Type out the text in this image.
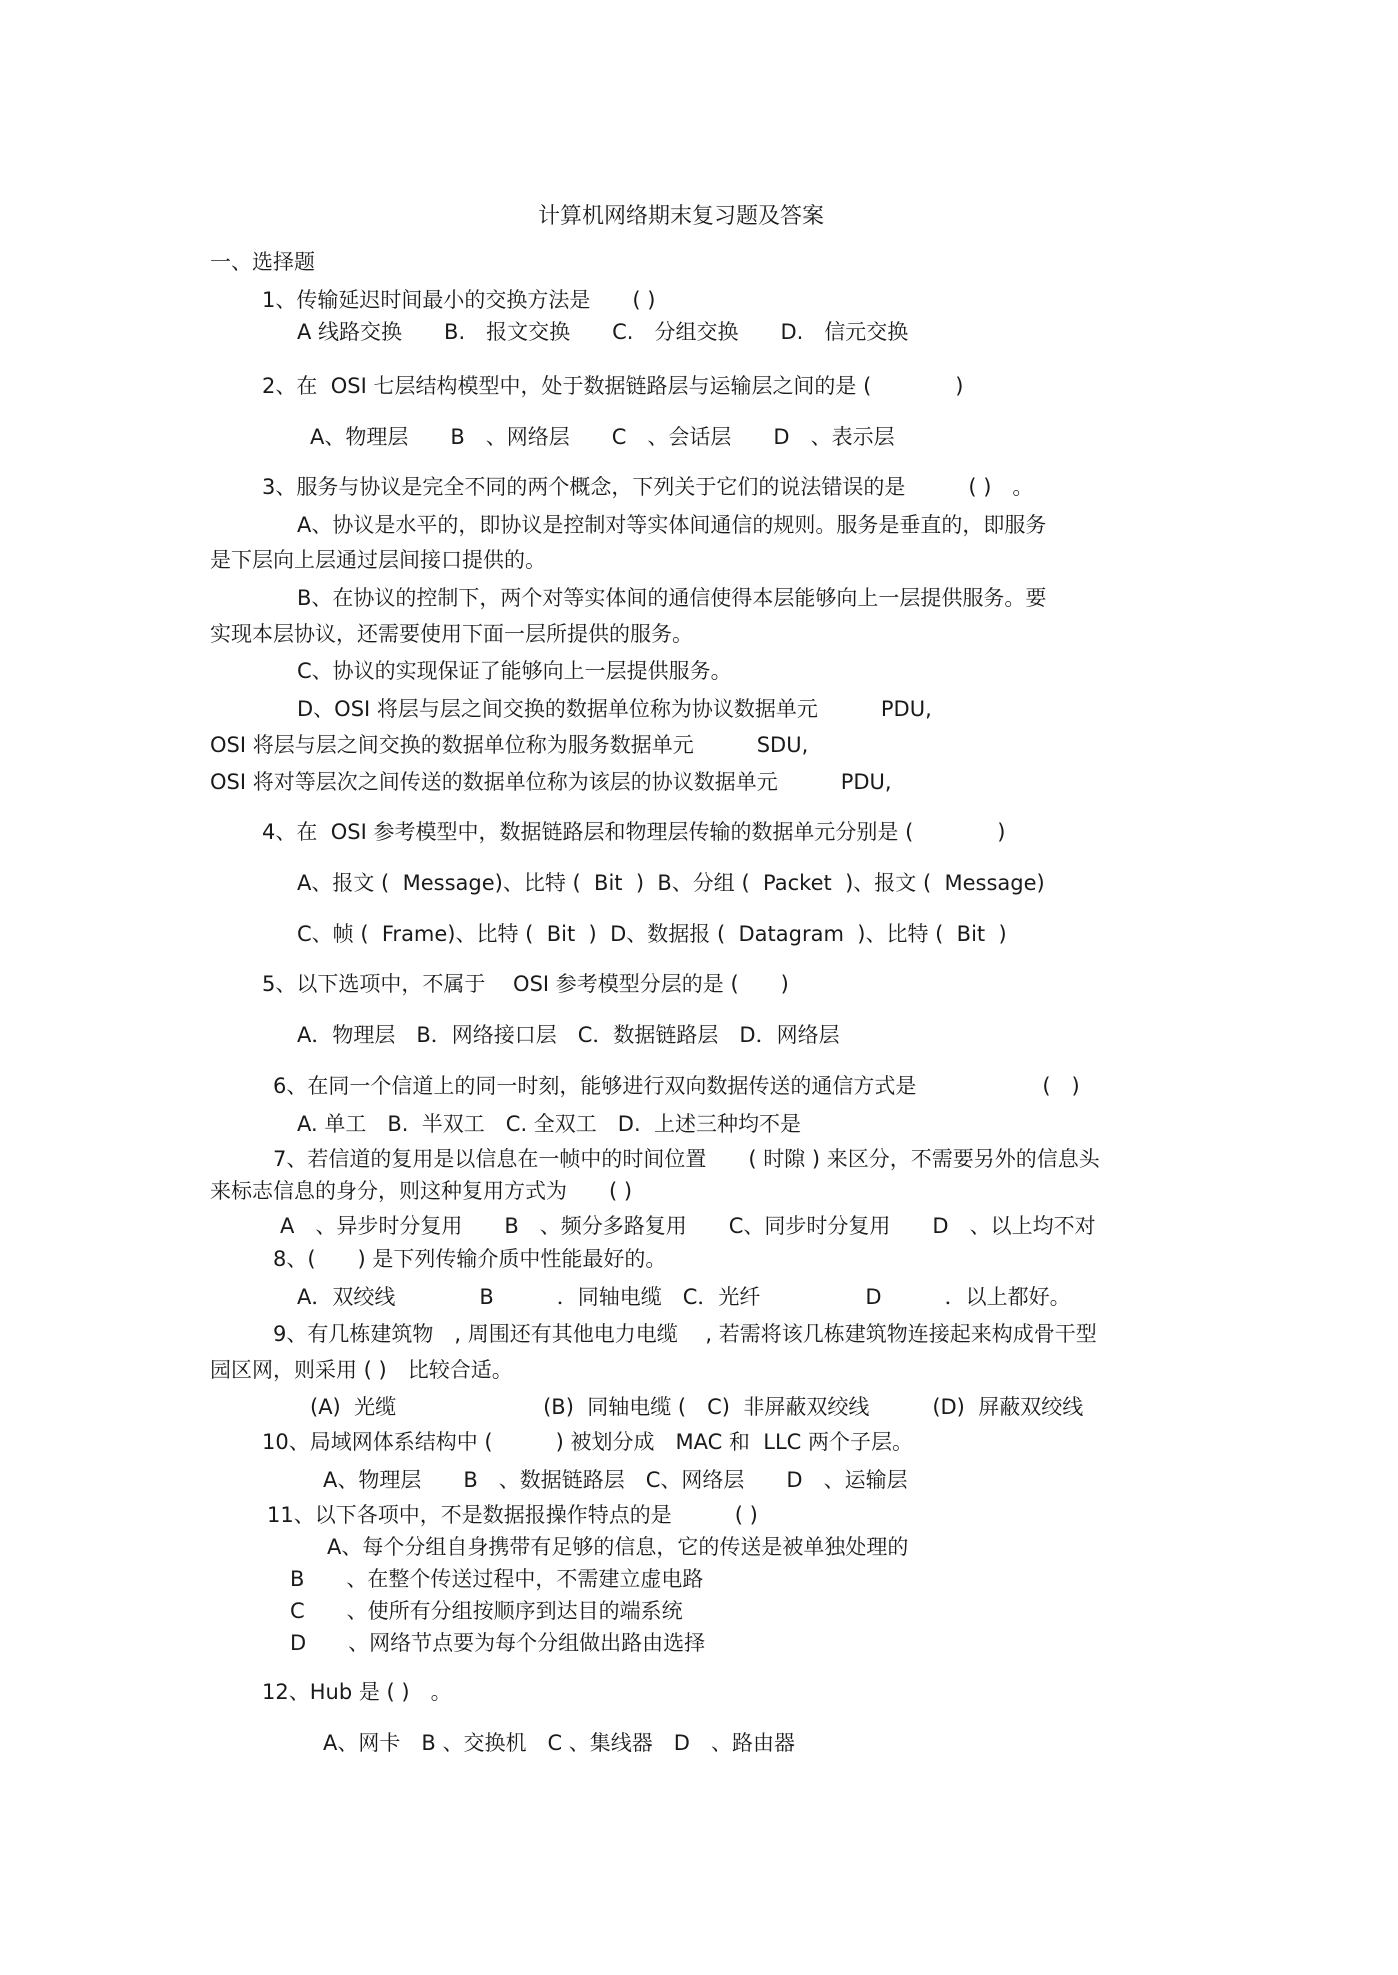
计算机网络期末复习题及答案

一、选择题

1、传输延迟时间最小的交换方法是　　( )

A 线路交换　　B.　报文交换　　C.　分组交换　　D.　信元交换

2、在  OSI 七层结构模型中，处于数据链路层与运输层之间的是 (　　　　)

A、物理层　　B　、网络层　　C　、会话层　　D　、表示层

3、服务与协议是完全不同的两个概念，下列关于它们的说法错误的是　　　( )　。

A、协议是水平的，即协议是控制对等实体间通信的规则。服务是垂直的，即服务

是下层向上层通过层间接口提供的。

B、在协议的控制下，两个对等实体间的通信使得本层能够向上一层提供服务。要

实现本层协议，还需要使用下面一层所提供的服务。

C、协议的实现保证了能够向上一层提供服务。

D、OSI 将层与层之间交换的数据单位称为协议数据单元　　　PDU,

OSI 将层与层之间交换的数据单位称为服务数据单元　　　SDU,

OSI 将对等层次之间传送的数据单位称为该层的协议数据单元　　　PDU,

4、在  OSI 参考模型中，数据链路层和物理层传输的数据单元分别是 (　　　　)

A、报文 (  Message)、比特 (  Bit  )  B、分组 (  Packet  )、报文 (  Message)

C、帧 (  Frame)、比特 (  Bit  )  D、数据报 (  Datagram  )、比特 (  Bit  )

5、以下选项中，不属于　 OSI 参考模型分层的是 (　　)

A．物理层　B．网络接口层　C．数据链路层　D．网络层

6、在同一个信道上的同一时刻，能够进行双向数据传送的通信方式是　　　　　　(　)

A. 单工　B.  半双工　C. 全双工　D.  上述三种均不是

7、若信道的复用是以信息在一帧中的时间位置　　( 时隙 ) 来区分，不需要另外的信息头

来标志信息的身分，则这种复用方式为　　( )

A　、异步时分复用　　B　、频分多路复用　　C、同步时分复用　　D　、以上均不对

8、(　　) 是下列传输介质中性能最好的。

A．双绞线　　　　B　　　．同轴电缆　C．光纤　　　　　D　　　．以上都好。

9、有几栋建筑物　, 周围还有其他电力电缆　 , 若需将该几栋建筑物连接起来构成骨干型

园区网，则采用 ( )　比较合适。

(A)  光缆　　　　　　　(B)  同轴电缆 (　C)  非屏蔽双绞线　　　(D)  屏蔽双绞线

10、局域网体系结构中 (　　　) 被划分成　MAC 和  LLC 两个子层。

A、物理层　　B　、数据链路层　C、网络层　　D　、运输层

11、以下各项中，不是数据报操作特点的是　　　( )

A、每个分组自身携带有足够的信息，它的传送是被单独处理的

B　　、在整个传送过程中，不需建立虚电路

C　　、使所有分组按顺序到达目的端系统

D　　、网络节点要为每个分组做出路由选择

12、Hub 是 ( )　。

A、网卡　B 、交换机　C 、集线器　D　、路由器
